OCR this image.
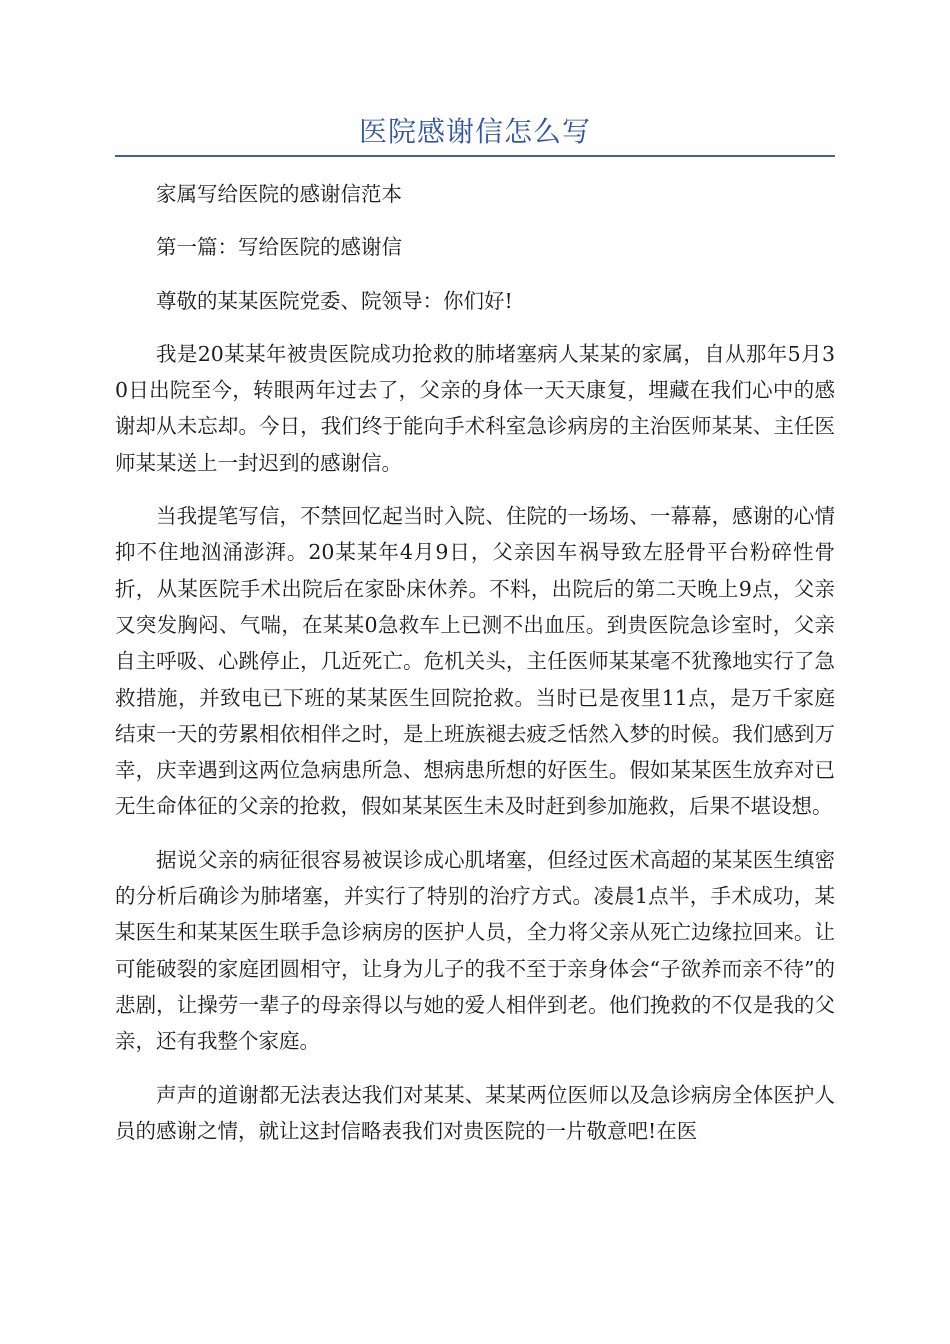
医院感谢信怎么写

家属写给医院的感谢信范本

第一篇：写给医院的感谢信

尊敬的某某医院党委、院领导：你们好!

我是20某某年被贵医院成功抢救的肺堵塞病人某某的家属，自从那年5月30日出院至今，转眼两年过去了，父亲的身体一天天康复，埋藏在我们心中的感谢却从未忘却。今日，我们终于能向手术科室急诊病房的主治医师某某、主任医师某某送上一封迟到的感谢信。

当我提笔写信，不禁回忆起当时入院、住院的一场场、一幕幕，感谢的心情抑不住地汹涌澎湃。20某某年4月9日，父亲因车祸导致左胫骨平台粉碎性骨折，从某医院手术出院后在家卧床休养。不料，出院后的第二天晚上9点，父亲又突发胸闷、气喘，在某某0急救车上已测不出血压。到贵医院急诊室时，父亲自主呼吸、心跳停止，几近死亡。危机关头，主任医师某某毫不犹豫地实行了急救措施，并致电已下班的某某医生回院抢救。当时已是夜里11点，是万千家庭结束一天的劳累相依相伴之时，是上班族褪去疲乏恬然入梦的时候。我们感到万幸，庆幸遇到这两位急病患所急、想病患所想的好医生。假如某某医生放弃对已无生命体征的父亲的抢救，假如某某医生未及时赶到参加施救，后果不堪设想。

据说父亲的病征很容易被误诊成心肌堵塞，但经过医术高超的某某医生缜密的分析后确诊为肺堵塞，并实行了特别的治疗方式。凌晨1点半，手术成功，某某医生和某某医生联手急诊病房的医护人员，全力将父亲从死亡边缘拉回来。让可能破裂的家庭团圆相守，让身为儿子的我不至于亲身体会“子欲养而亲不待”的悲剧，让操劳一辈子的母亲得以与她的爱人相伴到老。他们挽救的不仅是我的父亲，还有我整个家庭。

声声的道谢都无法表达我们对某某、某某两位医师以及急诊病房全体医护人员的感谢之情，就让这封信略表我们对贵医院的一片敬意吧!在医
